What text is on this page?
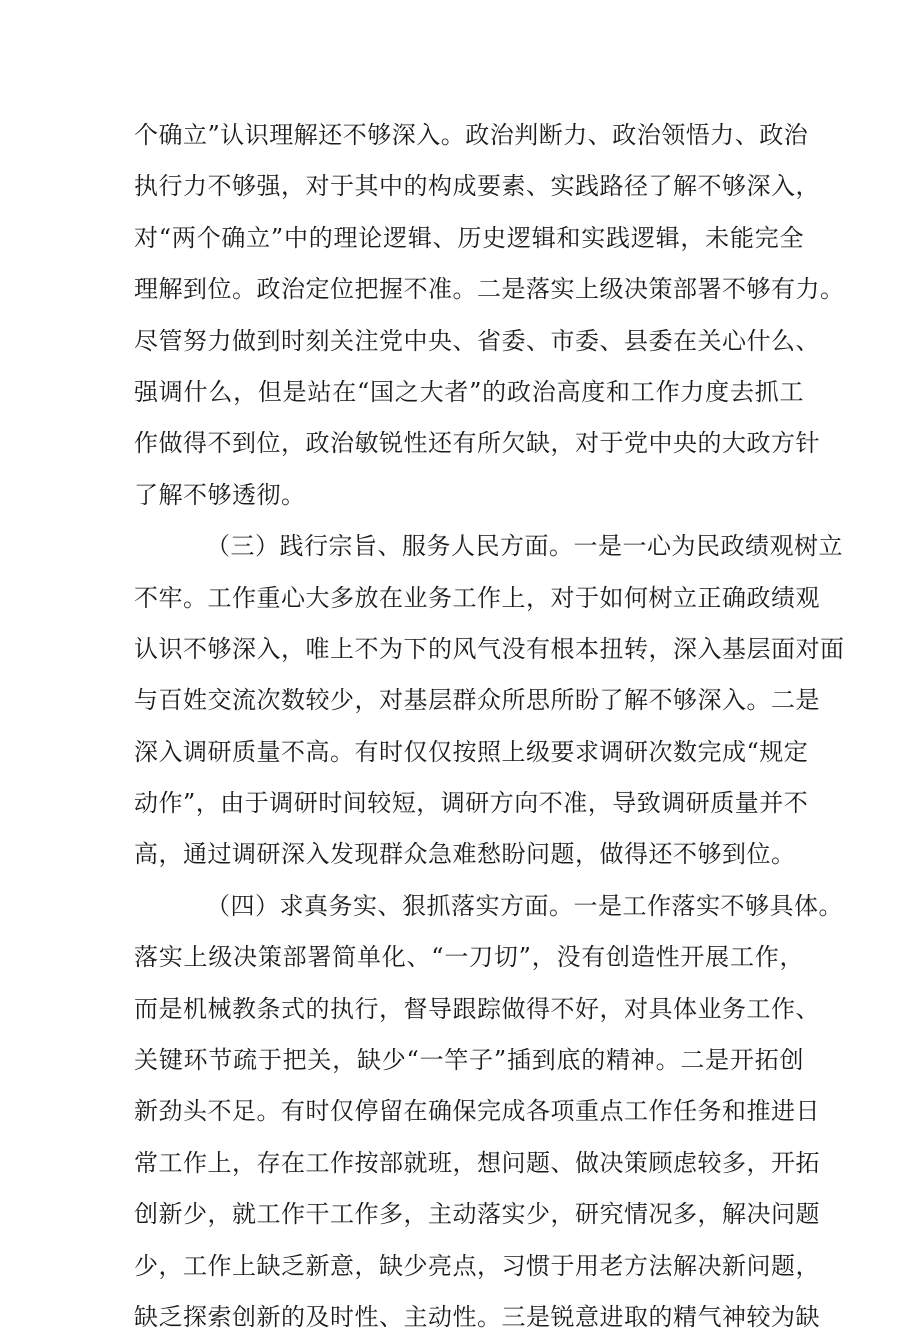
个确立”认识理解还不够深入。政治判断力、政治领悟力、政治
执行力不够强，对于其中的构成要素、实践路径了解不够深入，
对“两个确立”中的理论逻辑、历史逻辑和实践逻辑，未能完全
理解到位。政治定位把握不准。二是落实上级决策部署不够有力。
尽管努力做到时刻关注党中央、省委、市委、县委在关心什么、
强调什么，但是站在“国之大者”的政治高度和工作力度去抓工
作做得不到位，政治敏锐性还有所欠缺，对于党中央的大政方针
了解不够透彻。
（三）践行宗旨、服务人民方面。一是一心为民政绩观树立
不牢。工作重心大多放在业务工作上，对于如何树立正确政绩观
认识不够深入，唯上不为下的风气没有根本扭转，深入基层面对面
与百姓交流次数较少，对基层群众所思所盼了解不够深入。二是
深入调研质量不高。有时仅仅按照上级要求调研次数完成“规定
动作”，由于调研时间较短，调研方向不准，导致调研质量并不
高，通过调研深入发现群众急难愁盼问题，做得还不够到位。
（四）求真务实、狠抓落实方面。一是工作落实不够具体。
落实上级决策部署简单化、“一刀切”，没有创造性开展工作，
而是机械教条式的执行，督导跟踪做得不好，对具体业务工作、
关键环节疏于把关，缺少“一竿子”插到底的精神。二是开拓创
新劲头不足。有时仅停留在确保完成各项重点工作任务和推进日
常工作上，存在工作按部就班，想问题、做决策顾虑较多，开拓
创新少，就工作干工作多，主动落实少，研究情况多，解决问题
少，工作上缺乏新意，缺少亮点，习惯于用老方法解决新问题，
缺乏探索创新的及时性、主动性。三是锐意进取的精气神较为缺
